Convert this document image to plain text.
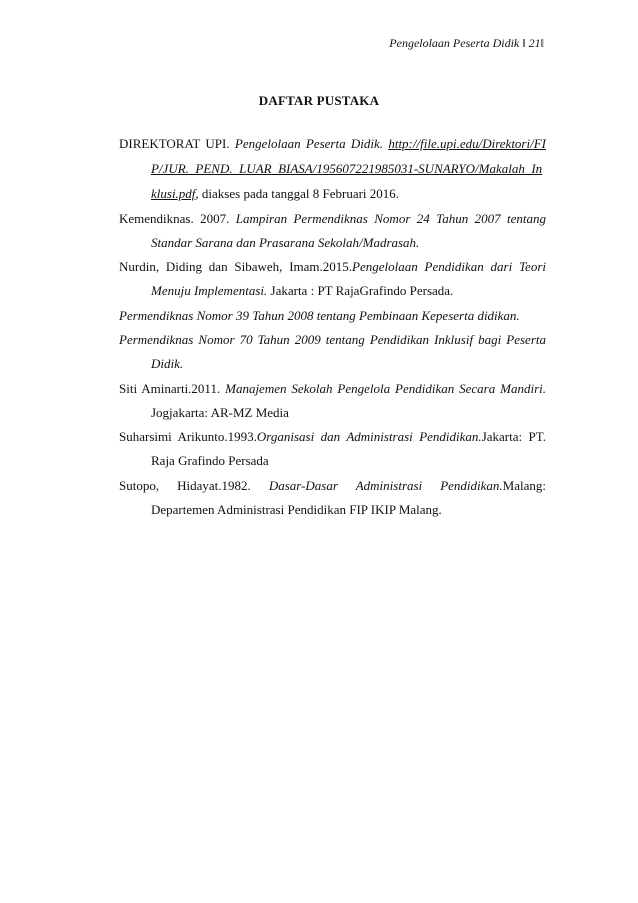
Pengelolaan Peserta Didik ‖ 21‖
DAFTAR PUSTAKA
DIREKTORAT UPI. Pengelolaan Peserta Didik. http://file.upi.edu/Direktori/FIP/JUR._PEND._LUAR_BIASA/195607221985031-SUNARYO/Makalah_Inklusi.pdf, diakses pada tanggal 8 Februari 2016.
Kemendiknas. 2007. Lampiran Permendiknas Nomor 24 Tahun 2007 tentang Standar Sarana dan Prasarana Sekolah/Madrasah.
Nurdin, Diding dan Sibaweh, Imam.2015.Pengelolaan Pendidikan dari Teori Menuju Implementasi. Jakarta : PT RajaGrafindo Persada.
Permendiknas Nomor 39 Tahun 2008 tentang Pembinaan Kepeserta didikan.
Permendiknas Nomor 70 Tahun 2009 tentang Pendidikan Inklusif bagi Peserta Didik.
Siti Aminarti.2011. Manajemen Sekolah Pengelola Pendidikan Secara Mandiri. Jogjakarta: AR-MZ Media
Suharsimi Arikunto.1993.Organisasi dan Administrasi Pendidikan.Jakarta: PT. Raja Grafindo Persada
Sutopo, Hidayat.1982. Dasar-Dasar Administrasi Pendidikan.Malang: Departemen Administrasi Pendidikan FIP IKIP Malang.
